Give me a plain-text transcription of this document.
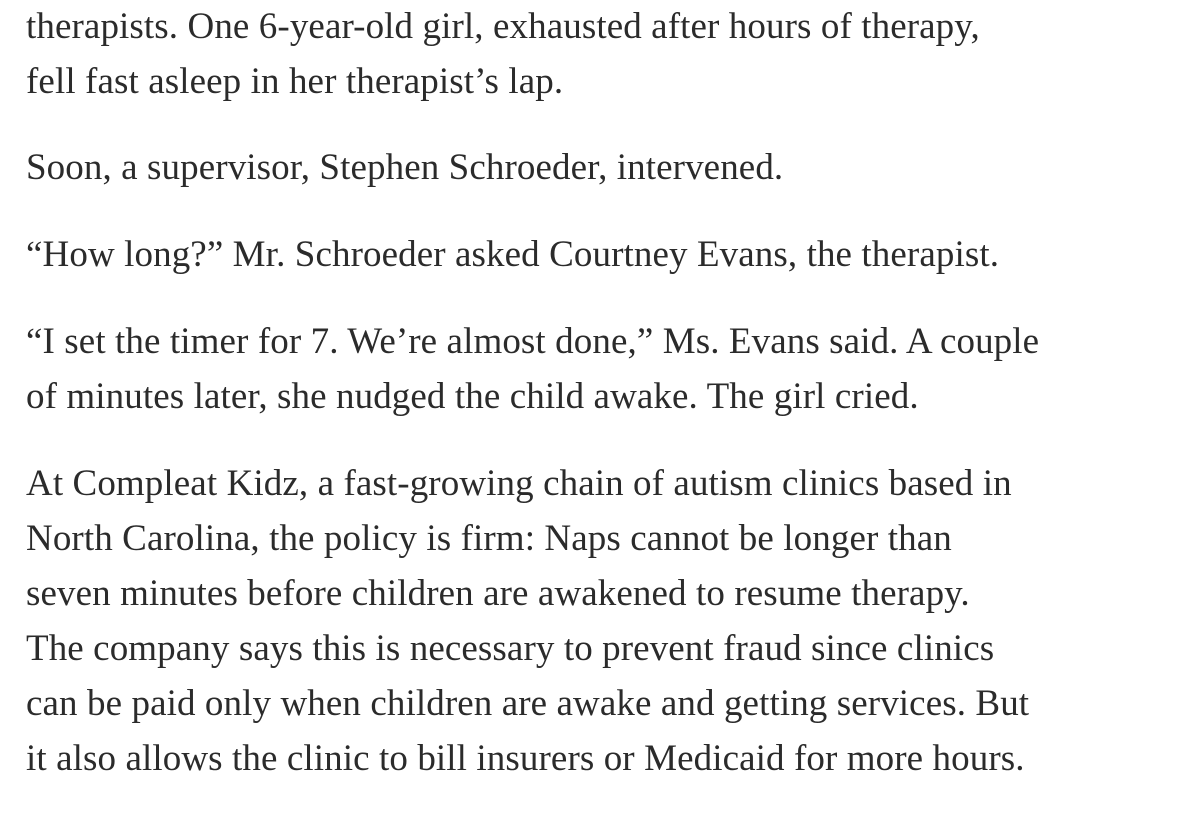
therapists. One 6-year-old girl, exhausted after hours of therapy,
fell fast asleep in her therapist’s lap.
Soon, a supervisor, Stephen Schroeder, intervened.
“How long?” Mr. Schroeder asked Courtney Evans, the therapist.
“I set the timer for 7. We’re almost done,” Ms. Evans said. A couple
of minutes later, she nudged the child awake. The girl cried.
At Compleat Kidz, a fast-growing chain of autism clinics based in
North Carolina, the policy is firm: Naps cannot be longer than
seven minutes before children are awakened to resume therapy.
The company says this is necessary to prevent fraud since clinics
can be paid only when children are awake and getting services. But
it also allows the clinic to bill insurers or Medicaid for more hours.
